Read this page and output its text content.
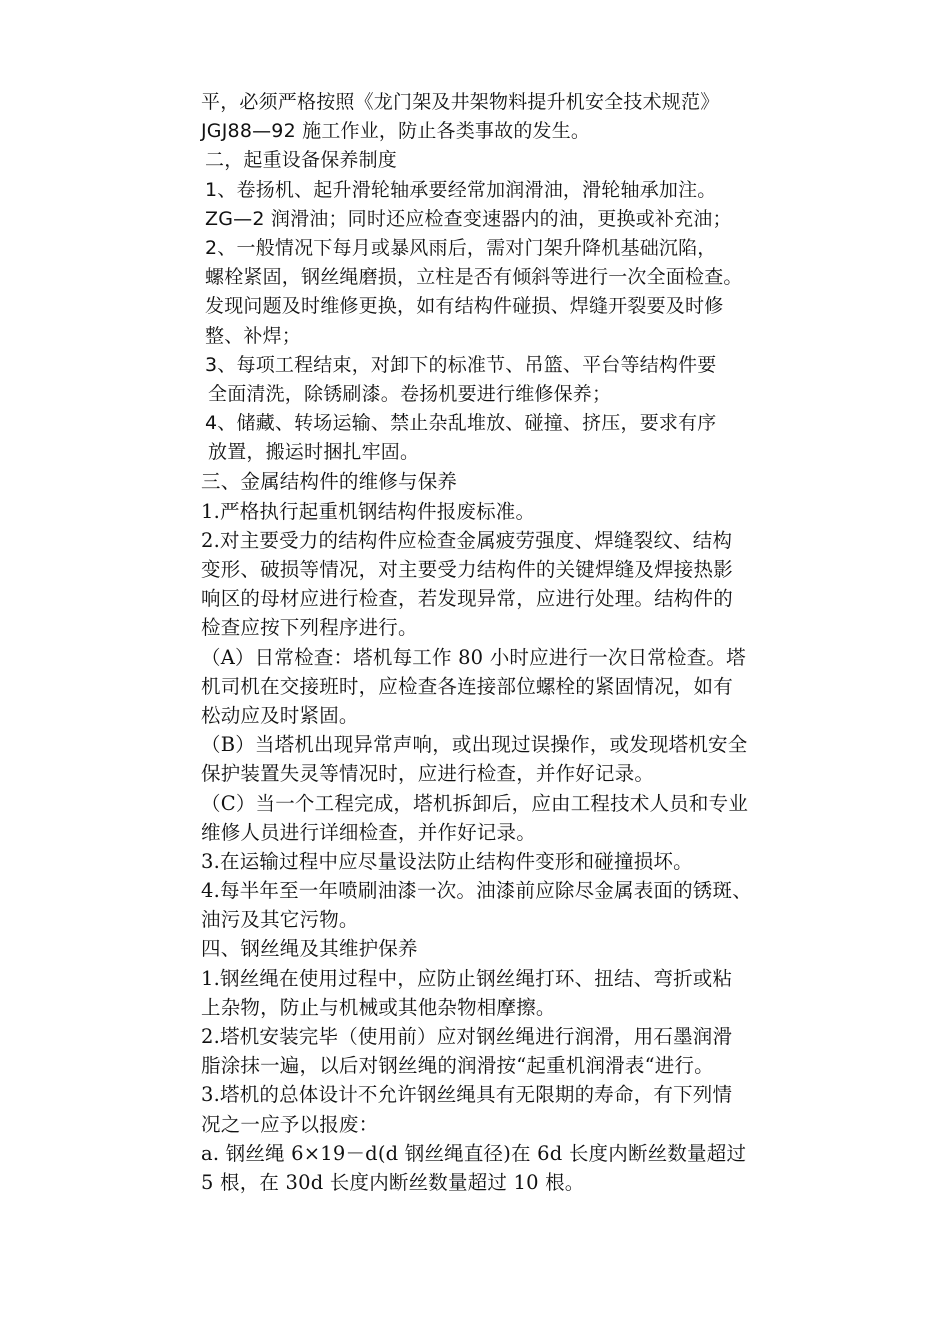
平，必须严格按照《龙门架及井架物料提升机安全技术规范》
JGJ88—92 施工作业，防止各类事故的发生。
二，起重设备保养制度
1、卷扬机、起升滑轮轴承要经常加润滑油，滑轮轴承加注。
ZG—2 润滑油；同时还应检查变速器内的油，更换或补充油；
2、一般情况下每月或暴风雨后，需对门架升降机基础沉陷，
螺栓紧固，钢丝绳磨损，立柱是否有倾斜等进行一次全面检查。
发现问题及时维修更换，如有结构件碰损、焊缝开裂要及时修
整、补焊；
3、每项工程结束，对卸下的标准节、吊篮、平台等结构件要
全面清洗，除锈刷漆。卷扬机要进行维修保养；
4、储藏、转场运输、禁止杂乱堆放、碰撞、挤压，要求有序
放置，搬运时捆扎牢固。
三、金属结构件的维修与保养
1.严格执行起重机钢结构件报废标准。
2.对主要受力的结构件应检查金属疲劳强度、焊缝裂纹、结构
变形、破损等情况，对主要受力结构件的关键焊缝及焊接热影
响区的母材应进行检查，若发现异常，应进行处理。结构件的
检查应按下列程序进行。
（A）日常检查：塔机每工作 80 小时应进行一次日常检查。塔
机司机在交接班时，应检查各连接部位螺栓的紧固情况，如有
松动应及时紧固。
（B）当塔机出现异常声响，或出现过误操作，或发现塔机安全
保护装置失灵等情况时，应进行检查，并作好记录。
（C）当一个工程完成，塔机拆卸后，应由工程技术人员和专业
维修人员进行详细检查，并作好记录。
3.在运输过程中应尽量设法防止结构件变形和碰撞损坏。
4.每半年至一年喷刷油漆一次。油漆前应除尽金属表面的锈斑、
油污及其它污物。
四、钢丝绳及其维护保养
1.钢丝绳在使用过程中，应防止钢丝绳打环、扭结、弯折或粘
上杂物，防止与机械或其他杂物相摩擦。
2.塔机安装完毕（使用前）应对钢丝绳进行润滑，用石墨润滑
脂涂抹一遍，以后对钢丝绳的润滑按“起重机润滑表“进行。
3.塔机的总体设计不允许钢丝绳具有无限期的寿命，有下列情
况之一应予以报废：
a. 钢丝绳 6×19－d(d 钢丝绳直径)在 6d 长度内断丝数量超过
5 根，在 30d 长度内断丝数量超过 10 根。
